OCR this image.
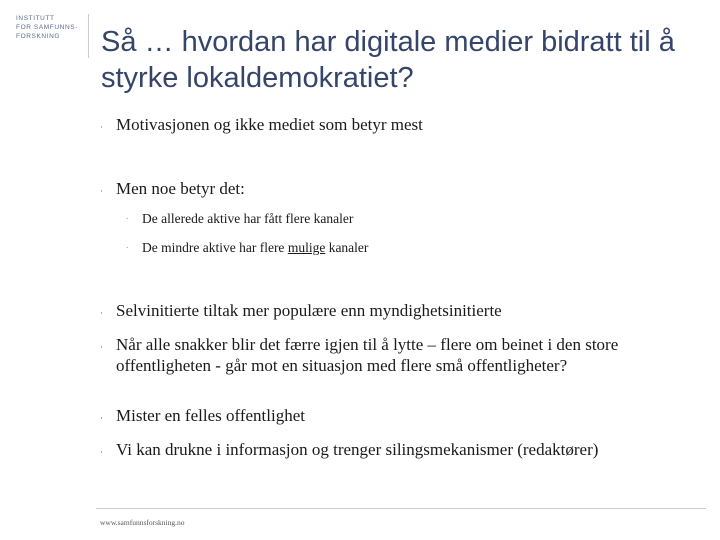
INSTITUTT
FOR SAMFUNNS-
FORSKNING	Så … hvordan har digitale medier bidratt til å styrke lokaldemokratiet?
· Motivasjonen og ikke mediet som betyr mest
· Men noe betyr det:
·	De allerede aktive har fått flere kanaler
·	De mindre aktive har flere mulige kanaler
· Selvinitierte tiltak mer populære enn myndighetsinitierte
· Når alle snakker blir det færre igjen til å lytte – flere om beinet i den store offentligheten - går mot en situasjon med flere små offentligheter?
· Mister en felles offentlighet
· Vi kan drukne i informasjon og trenger silingsmekanismer (redaktører)
www.samfunnsforskning.no
